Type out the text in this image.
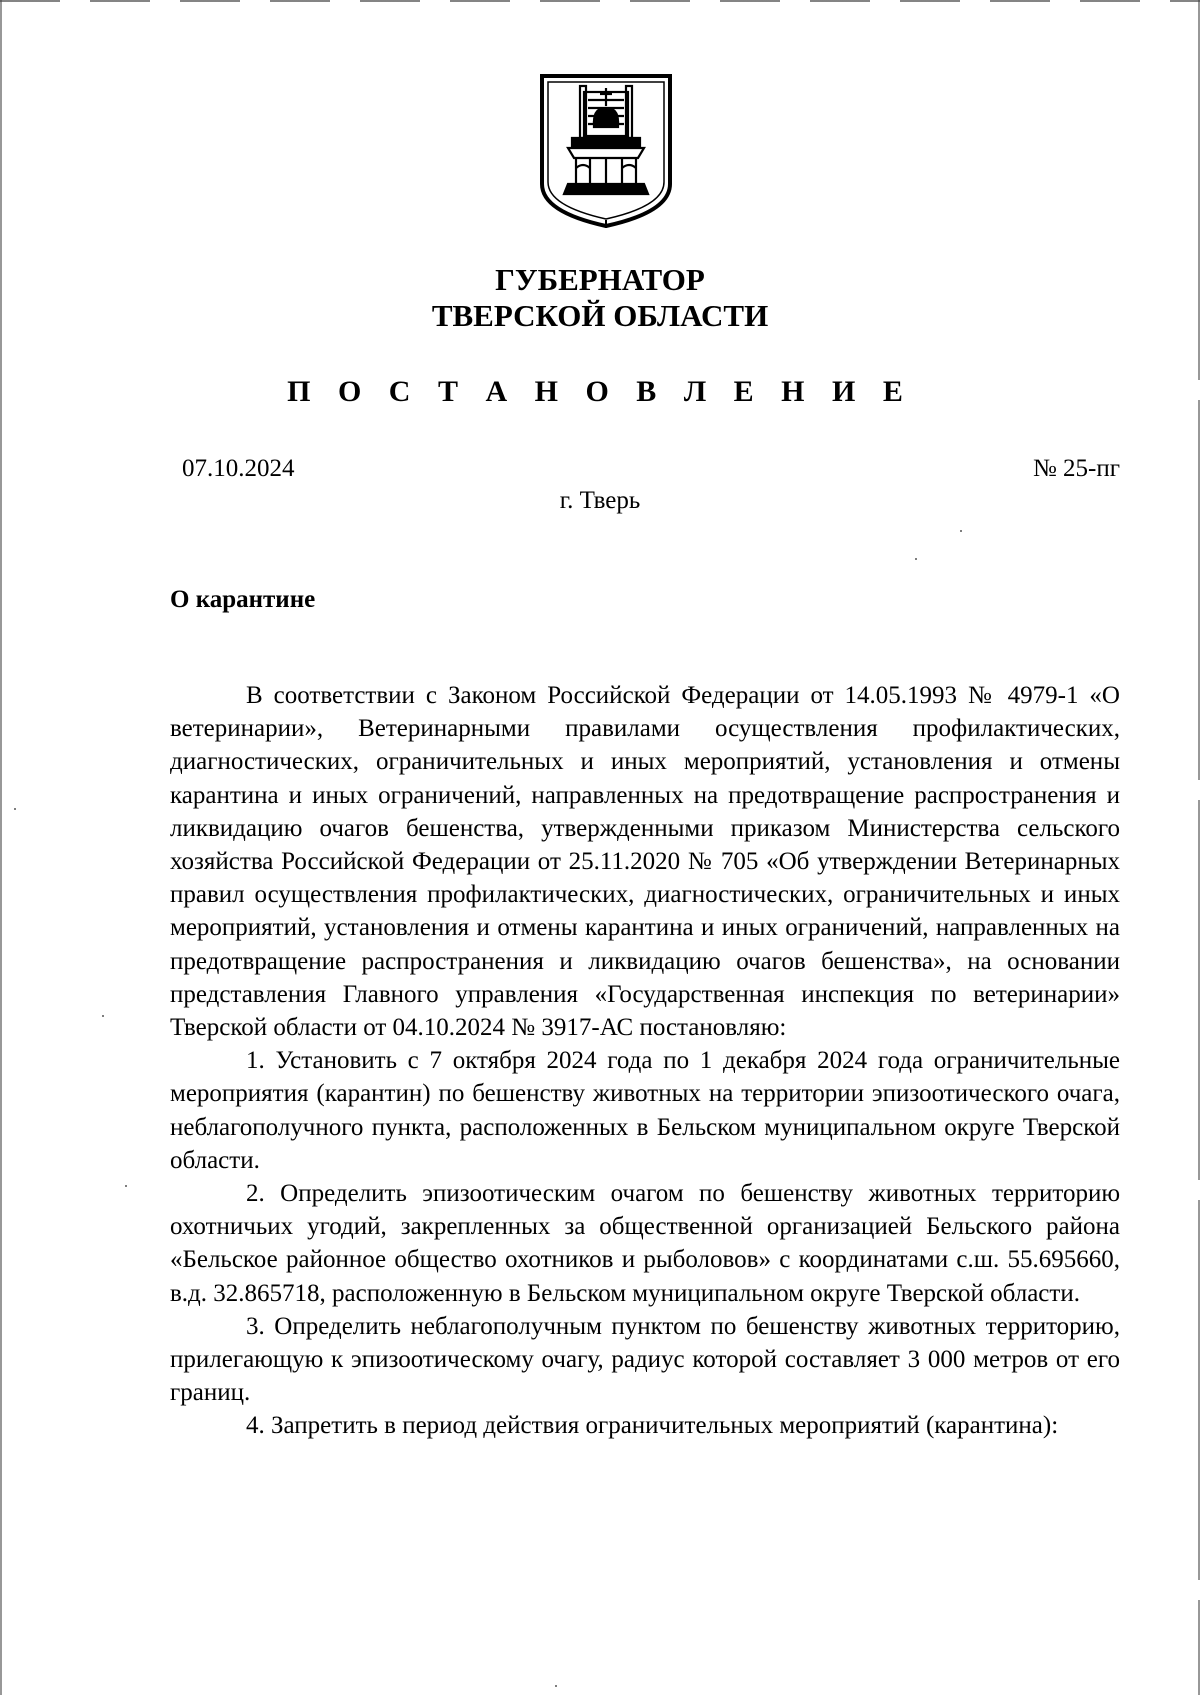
ГУБЕРНАТОР
ТВЕРСКОЙ ОБЛАСТИ
П О С Т А Н О В Л Е Н И Е
07.10.2024	№ 25-пг
г. Тверь
О карантине

В соответствии с Законом Российской Федерации от 14.05.1993 № 4979-1 «О ветеринарии», Ветеринарными правилами осуществления профилактических, диагностических, ограничительных и иных мероприятий, установления и отмены карантина и иных ограничений, направленных на предотвращение распространения и ликвидацию очагов бешенства, утвержденными приказом Министерства сельского хозяйства Российской Федерации от 25.11.2020 № 705 «Об утверждении Ветеринарных правил осуществления профилактических, диагностических, ограничительных и иных мероприятий, установления и отмены карантина и иных ограничений, направленных на предотвращение распространения и ликвидацию очагов бешенства», на основании представления Главного управления «Государственная инспекция по ветеринарии» Тверской области от 04.10.2024 № 3917-АС постановляю:

1. Установить с 7 октября 2024 года по 1 декабря 2024 года ограничительные мероприятия (карантин) по бешенству животных на территории эпизоотического очага, неблагополучного пункта, расположенных в Бельском муниципальном округе Тверской области.

2. Определить эпизоотическим очагом по бешенству животных территорию охотничьих угодий, закрепленных за общественной организацией Бельского района «Бельское районное общество охотников и рыболовов» с координатами с.ш. 55.695660, в.д. 32.865718, расположенную в Бельском муниципальном округе Тверской области.

3. Определить неблагополучным пунктом по бешенству животных территорию, прилегающую к эпизоотическому очагу, радиус которой составляет 3 000 метров от его границ.

4. Запретить в период действия ограничительных мероприятий (карантина):
